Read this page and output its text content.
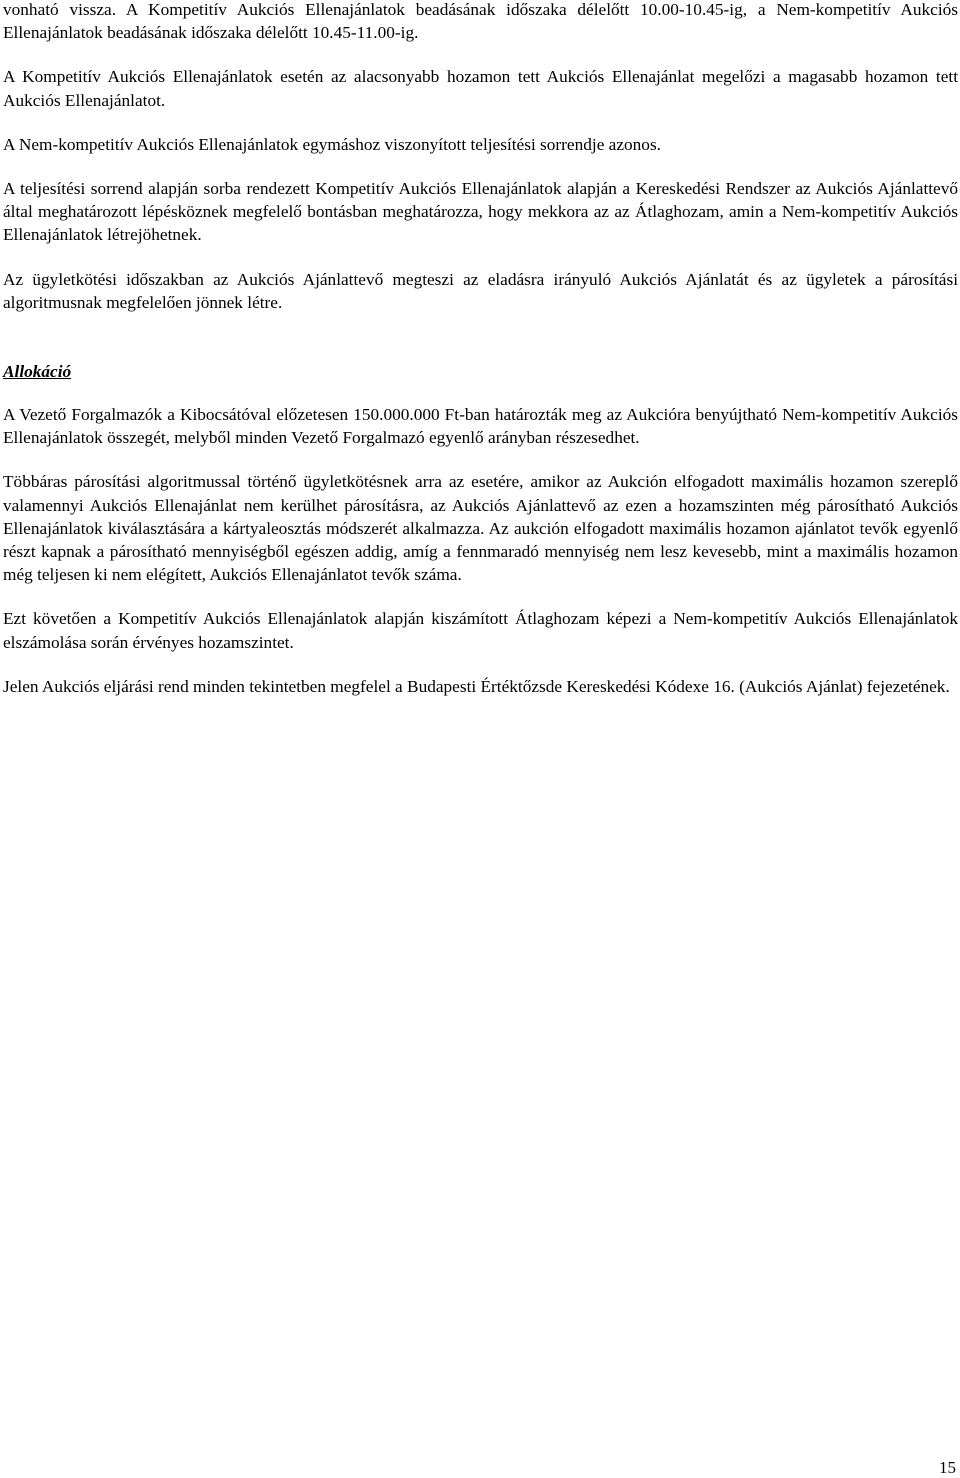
vonható vissza. A Kompetitív Aukciós Ellenajánlatok beadásának időszaka délelőtt 10.00-10.45-ig, a Nem-kompetitív Aukciós Ellenajánlatok beadásának időszaka délelőtt 10.45-11.00-ig.

A Kompetitív Aukciós Ellenajánlatok esetén az alacsonyabb hozamon tett Aukciós Ellenajánlat megelőzi a magasabb hozamon tett Aukciós Ellenajánlatot.

A Nem-kompetitív Aukciós Ellenajánlatok egymáshoz viszonyított teljesítési sorrendje azonos.

A teljesítési sorrend alapján sorba rendezett Kompetitív Aukciós Ellenajánlatok alapján a Kereskedési Rendszer az Aukciós Ajánlattevő által meghatározott lépésköznek megfelelő bontásban meghatározza, hogy mekkora az az Átlaghozam, amin a Nem-kompetitív Aukciós Ellenajánlatok létrejöhetnek.

Az ügyletkötési időszakban az Aukciós Ajánlattevő megteszi az eladásra irányuló Aukciós Ajánlatát és az ügyletek a párosítási algoritmusnak megfelelően jönnek létre.

Allokáció

A Vezető Forgalmazók a Kibocsátóval előzetesen 150.000.000 Ft-ban határozták meg az Aukcióra benyújtható Nem-kompetitív Aukciós Ellenajánlatok összegét, melyből minden Vezető Forgalmazó egyenlő arányban részesedhet.

Többáras párosítási algoritmussal történő ügyletkötésnek arra az esetére, amikor az Aukción elfogadott maximális hozamon szereplő valamennyi Aukciós Ellenajánlat nem kerülhet párosításra, az Aukciós Ajánlattevő az ezen a hozamszinten még párosítható Aukciós Ellenajánlatok kiválasztására a kártyaleosztás módszerét alkalmazza. Az aukción elfogadott maximális hozamon ajánlatot tevők egyenlő részt kapnak a párosítható mennyiségből egészen addig, amíg a fennmaradó mennyiség nem lesz kevesebb, mint a maximális hozamon még teljesen ki nem elégített, Aukciós Ellenajánlatot tevők száma.

Ezt követően a Kompetitív Aukciós Ellenajánlatok alapján kiszámított Átlaghozam képezi a Nem-kompetitív Aukciós Ellenajánlatok elszámolása során érvényes hozamszintet.

Jelen Aukciós eljárási rend minden tekintetben megfelel a Budapesti Értéktőzsde Kereskedési Kódexe 16. (Aukciós Ajánlat) fejezetének.

15
